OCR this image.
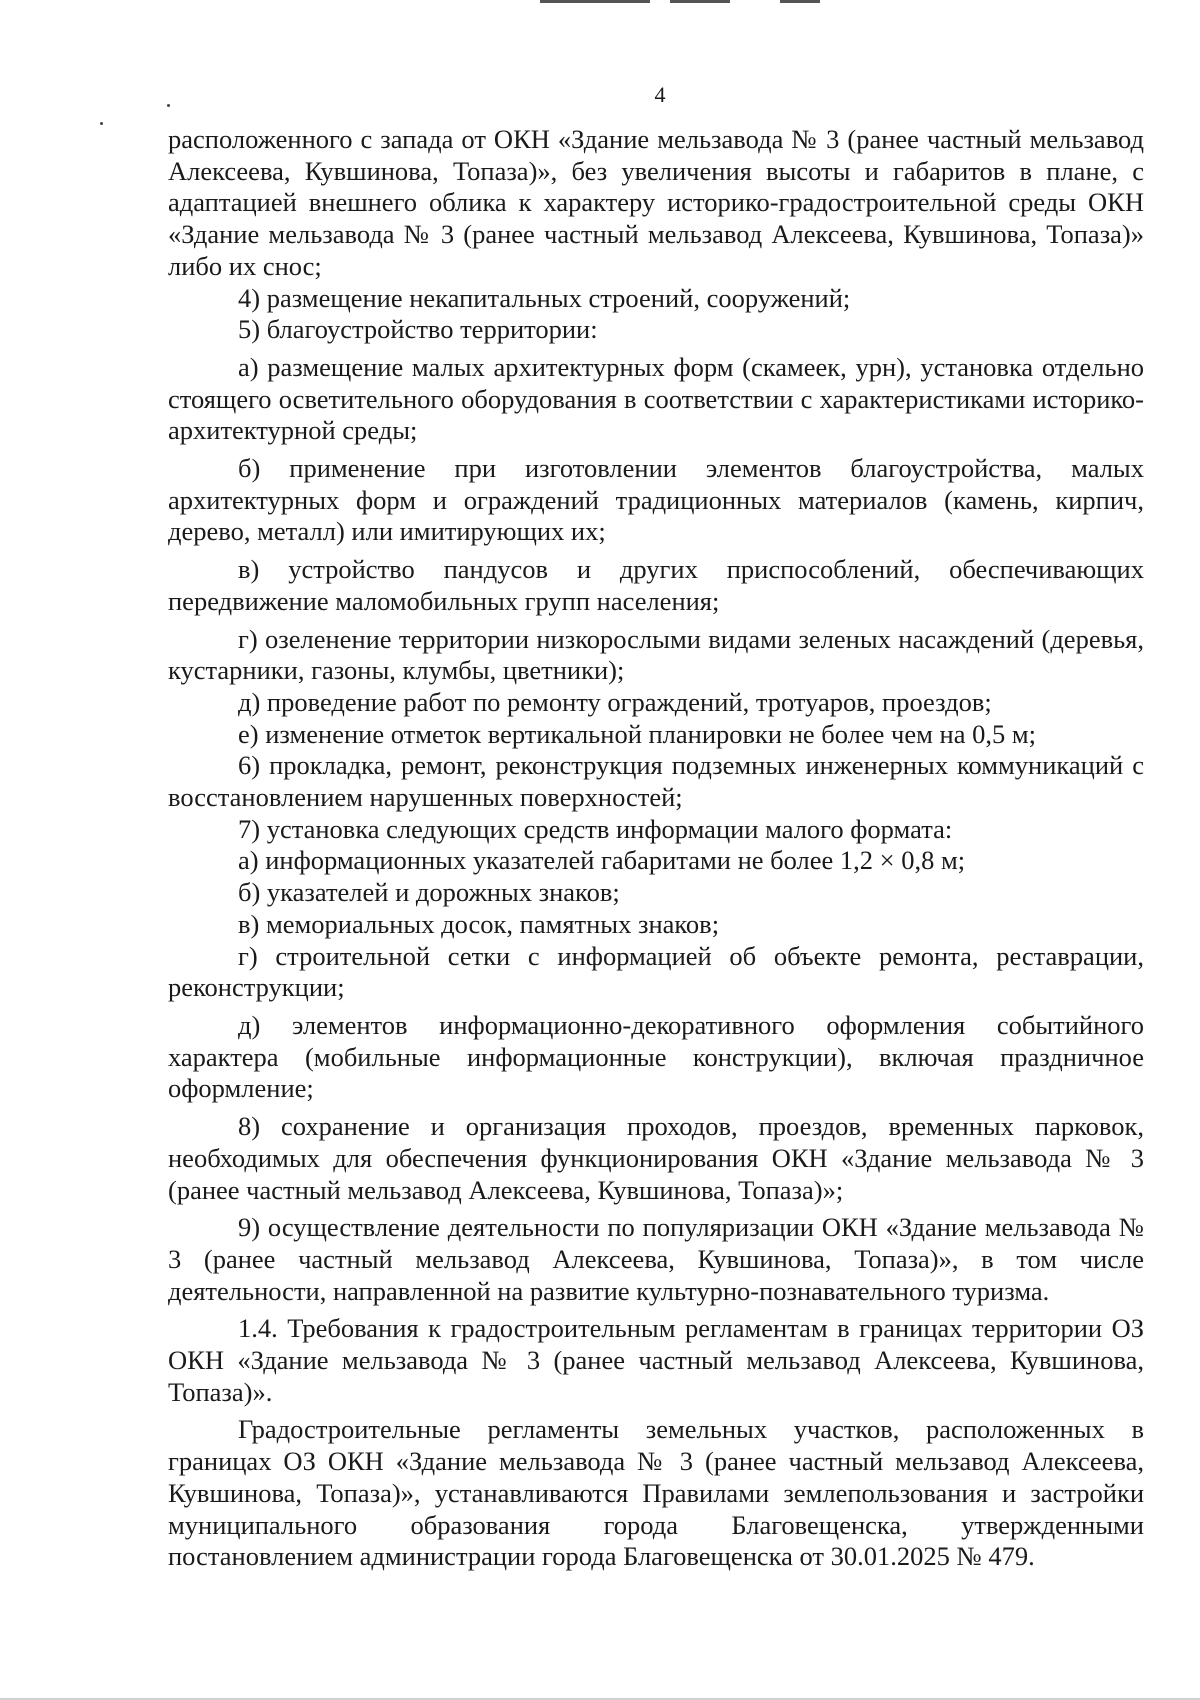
4

расположенного с запада от ОКН «Здание мельзавода № 3 (ранее частный мельзавод Алексеева, Кувшинова, Топаза)», без увеличения высоты и габаритов в плане, с адаптацией внешнего облика к характеру историко-градостроительной среды ОКН «Здание мельзавода № 3 (ранее частный мельзавод Алексеева, Кувшинова, Топаза)» либо их снос;

4) размещение некапитальных строений, сооружений;

5) благоустройство территории:

а) размещение малых архитектурных форм (скамеек, урн), установка отдельно стоящего осветительного оборудования в соответствии с характеристиками историко-архитектурной среды;

б) применение при изготовлении элементов благоустройства, малых архитектурных форм и ограждений традиционных материалов (камень, кирпич, дерево, металл) или имитирующих их;

в) устройство пандусов и других приспособлений, обеспечивающих передвижение маломобильных групп населения;

г) озеленение территории низкорослыми видами зеленых насаждений (деревья, кустарники, газоны, клумбы, цветники);

д) проведение работ по ремонту ограждений, тротуаров, проездов;

е) изменение отметок вертикальной планировки не более чем на 0,5 м;

6) прокладка, ремонт, реконструкция подземных инженерных коммуникаций с восстановлением нарушенных поверхностей;

7) установка следующих средств информации малого формата:

а) информационных указателей габаритами не более 1,2 × 0,8 м;

б) указателей и дорожных знаков;

в) мемориальных досок, памятных знаков;

г) строительной сетки с информацией об объекте ремонта, реставрации, реконструкции;

д) элементов информационно-декоративного оформления событийного характера (мобильные информационные конструкции), включая праздничное оформление;

8) сохранение и организация проходов, проездов, временных парковок, необходимых для обеспечения функционирования ОКН «Здание мельзавода № 3 (ранее частный мельзавод Алексеева, Кувшинова, Топаза)»;

9) осуществление деятельности по популяризации ОКН «Здание мельзавода № 3 (ранее частный мельзавод Алексеева, Кувшинова, Топаза)», в том числе деятельности, направленной на развитие культурно-познавательного туризма.

1.4. Требования к градостроительным регламентам в границах территории ОЗ ОКН «Здание мельзавода № 3 (ранее частный мельзавод Алексеева, Кувшинова, Топаза)».

Градостроительные регламенты земельных участков, расположенных в границах ОЗ ОКН «Здание мельзавода № 3 (ранее частный мельзавод Алексеева, Кувшинова, Топаза)», устанавливаются Правилами землепользования и застройки муниципального образования города Благовещенска, утвержденными постановлением администрации города Благовещенска от 30.01.2025 № 479.
